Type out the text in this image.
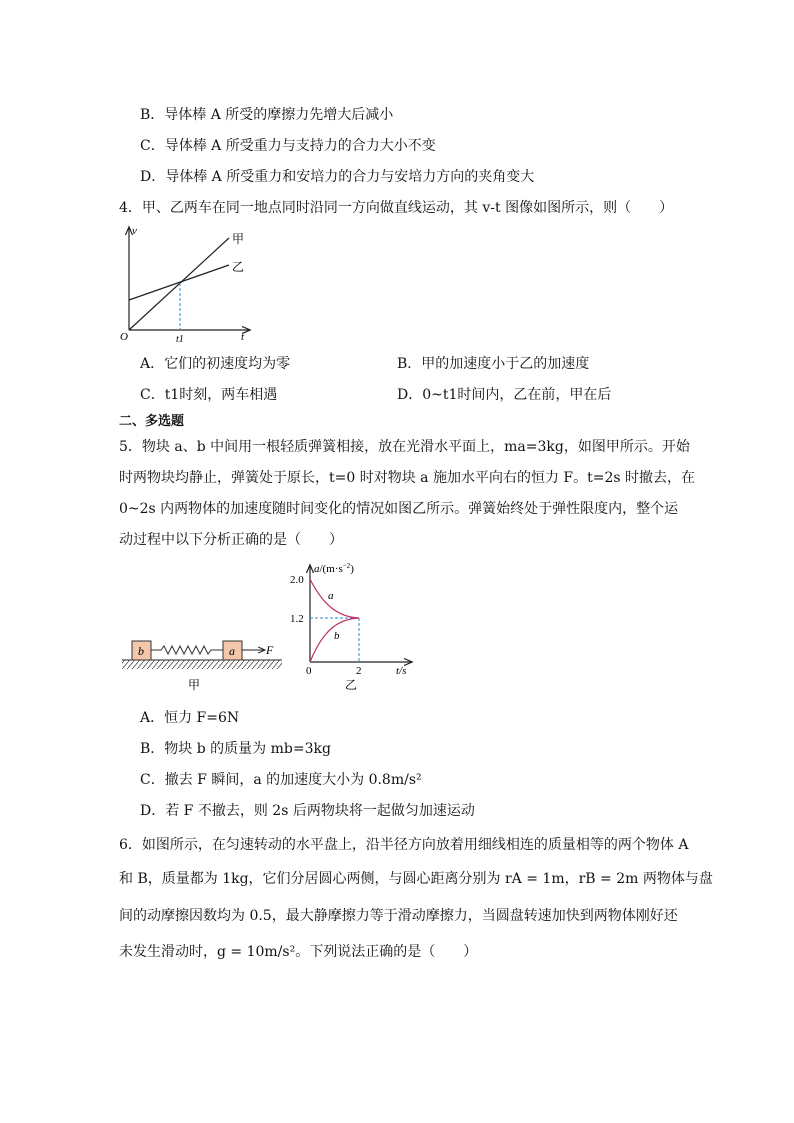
B．导体棒 A 所受的摩擦力先增大后减小
C．导体棒 A 所受重力与支持力的合力大小不变
D．导体棒 A 所受重力和安培力的合力与安培力方向的夹角变大
4．甲、乙两车在同一地点同时沿同一方向做直线运动，其 v-t 图像如图所示，则（　　）
v
t
O	t1
甲
乙
A．它们的初速度均为零	B．甲的加速度小于乙的加速度
C．t1时刻，两车相遇	D．0~t1时间内，乙在前，甲在后
二、多选题
5．物块 a、b 中间用一根轻质弹簧相接，放在光滑水平面上，ma=3kg，如图甲所示。开始
时两物块均静止，弹簧处于原长，t=0 时对物块 a 施加水平向右的恒力 F。t=2s 时撤去，在
0~2s 内两物体的加速度随时间变化的情况如图乙所示。弹簧始终处于弹性限度内，整个运
动过程中以下分析正确的是（　　）
b	a	F
甲
$a/(m\cdot s^{-2})$
2.0
1.2
0	2	t/s
a
b
乙
A．恒力 F=6N
B．物块 b 的质量为 mb=3kg
C．撤去 F 瞬间，a 的加速度大小为 0.8m/s²
D．若 F 不撤去，则 2s 后两物块将一起做匀加速运动
6．如图所示，在匀速转动的水平盘上，沿半径方向放着用细线相连的质量相等的两个物体 A
和 B，质量都为 1kg，它们分居圆心两侧，与圆心距离分别为 rA = 1m，rB = 2m 两物体与盘
间的动摩擦因数均为 0.5，最大静摩擦力等于滑动摩擦力，当圆盘转速加快到两物体刚好还
未发生滑动时，g = 10m/s²。下列说法正确的是（　　）
